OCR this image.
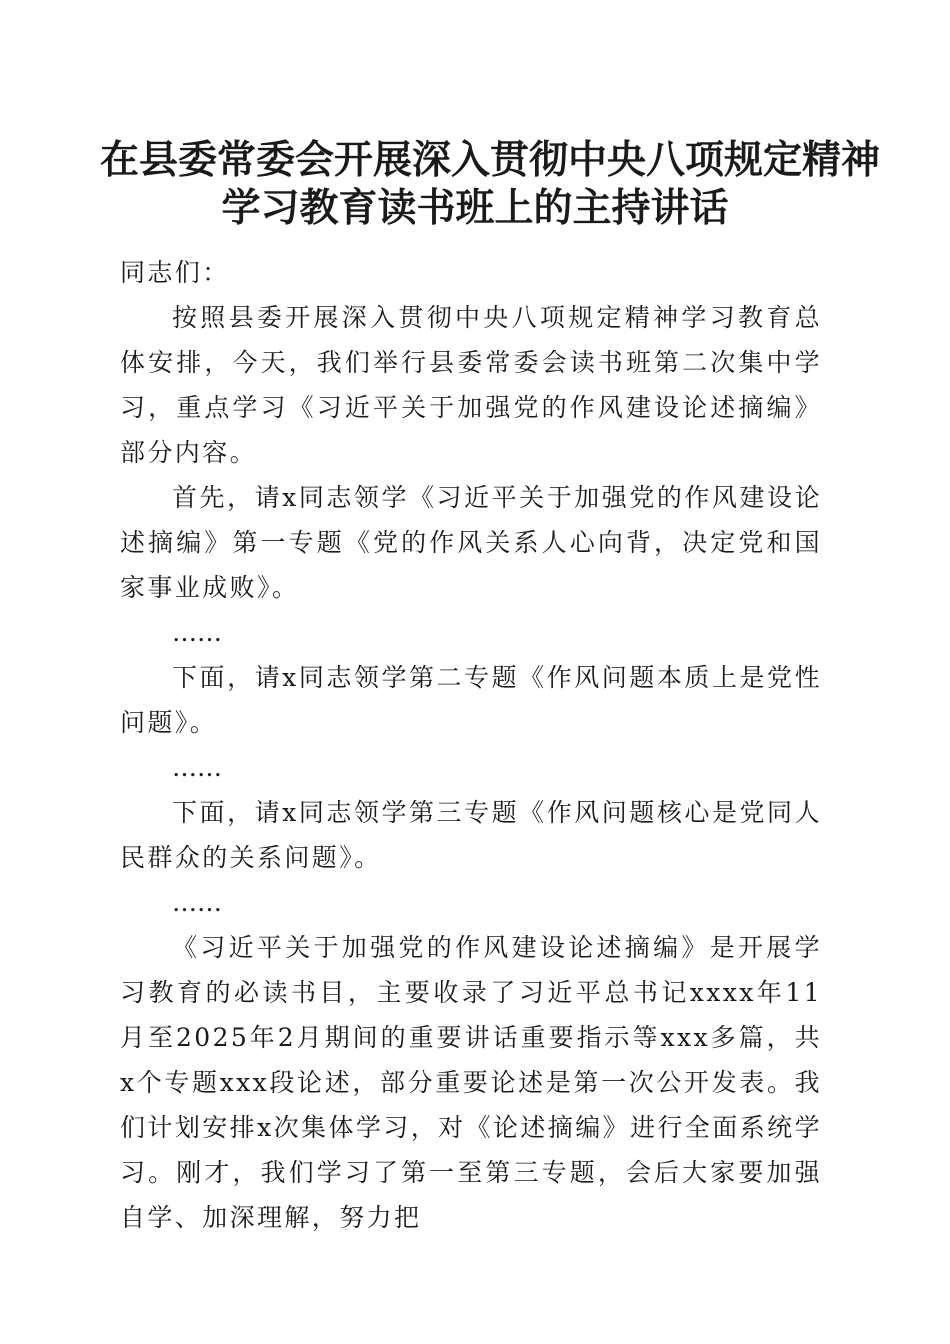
在县委常委会开展深入贯彻中央八项规定精神
学习教育读书班上的主持讲话

同志们：

按照县委开展深入贯彻中央八项规定精神学习教育总体安排，今天，我们举行县委常委会读书班第二次集中学习，重点学习《习近平关于加强党的作风建设论述摘编》部分内容。

首先，请x同志领学《习近平关于加强党的作风建设论述摘编》第一专题《党的作风关系人心向背，决定党和国家事业成败》。

……

下面，请x同志领学第二专题《作风问题本质上是党性问题》。

……

下面，请x同志领学第三专题《作风问题核心是党同人民群众的关系问题》。

……

《习近平关于加强党的作风建设论述摘编》是开展学习教育的必读书目，主要收录了习近平总书记xxxx年11月至2025年2月期间的重要讲话重要指示等xxx多篇，共x个专题xxx段论述，部分重要论述是第一次公开发表。我们计划安排x次集体学习，对《论述摘编》进行全面系统学习。刚才，我们学习了第一至第三专题，会后大家要加强自学、加深理解，努力把
